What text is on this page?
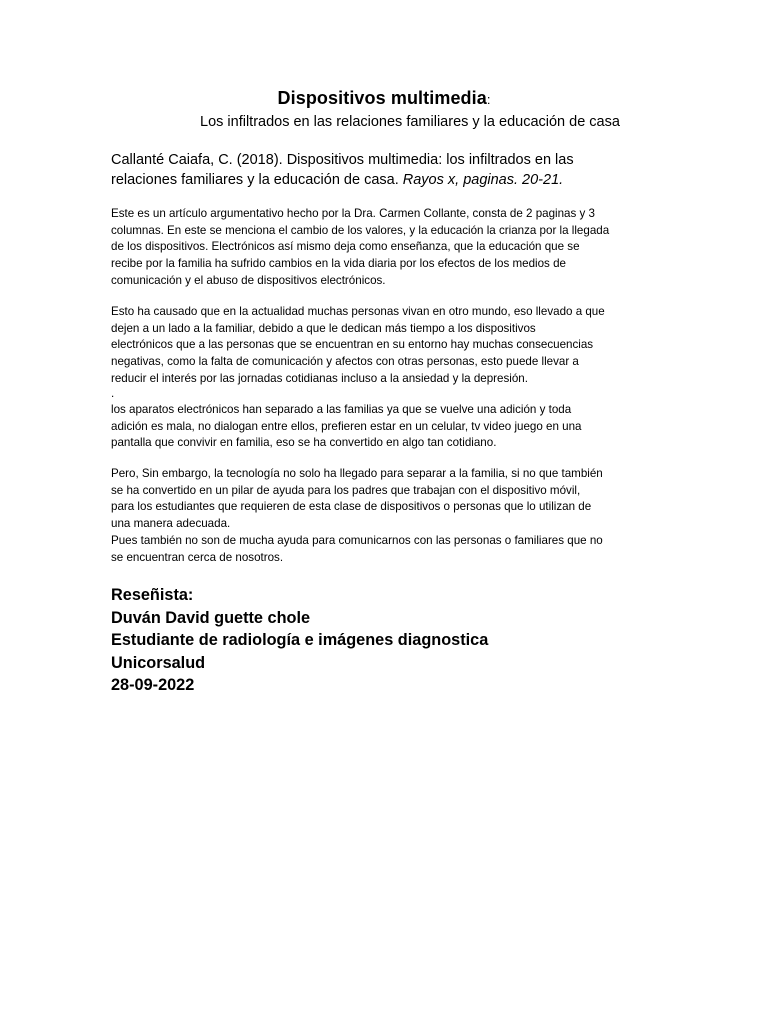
Dispositivos multimedia:
Los infiltrados en las relaciones familiares y la educación de casa
Callanté Caiafa, C. (2018). Dispositivos multimedia: los infiltrados en las relaciones familiares y la educación de casa. Rayos x, paginas. 20-21.

Este es un artículo argumentativo hecho por la Dra. Carmen Collante, consta de 2 paginas y 3

columnas. En este se menciona el cambio de los valores, y la educación la crianza por la llegada

de los dispositivos. Electrónicos así mismo deja como enseñanza, que la educación que se

recibe por la familia ha sufrido cambios en la vida diaria por los efectos de los medios de

comunicación y el abuso de dispositivos electrónicos.

Esto ha causado que en la actualidad muchas personas vivan en otro mundo, eso llevado a que

dejen a un lado a la familiar, debido a que le dedican más tiempo a los dispositivos

electrónicos que a las personas que se encuentran en su entorno hay muchas consecuencias

negativas, como la falta de comunicación y afectos con otras personas, esto puede llevar a

reducir el interés por las jornadas cotidianas incluso a la ansiedad y la depresión.

.

los aparatos electrónicos han separado a las familias ya que se vuelve una adición y toda

adición es mala, no dialogan entre ellos, prefieren estar en un celular, tv video juego en una

pantalla que convivir en familia, eso se ha convertido en algo tan cotidiano.

Pero, Sin embargo, la tecnología no solo ha llegado para separar a la familia, si no que también

se ha convertido en un pilar de ayuda para los padres que trabajan con el dispositivo móvil,

para los estudiantes que requieren de esta clase de dispositivos o personas que lo utilizan de

una manera adecuada.

Pues también no son de mucha ayuda para comunicarnos con las personas o familiares que no

se encuentran cerca de nosotros.

Reseñista:
Duván David guette chole
Estudiante de radiología e imágenes diagnostica
Unicorsalud
28-09-2022
